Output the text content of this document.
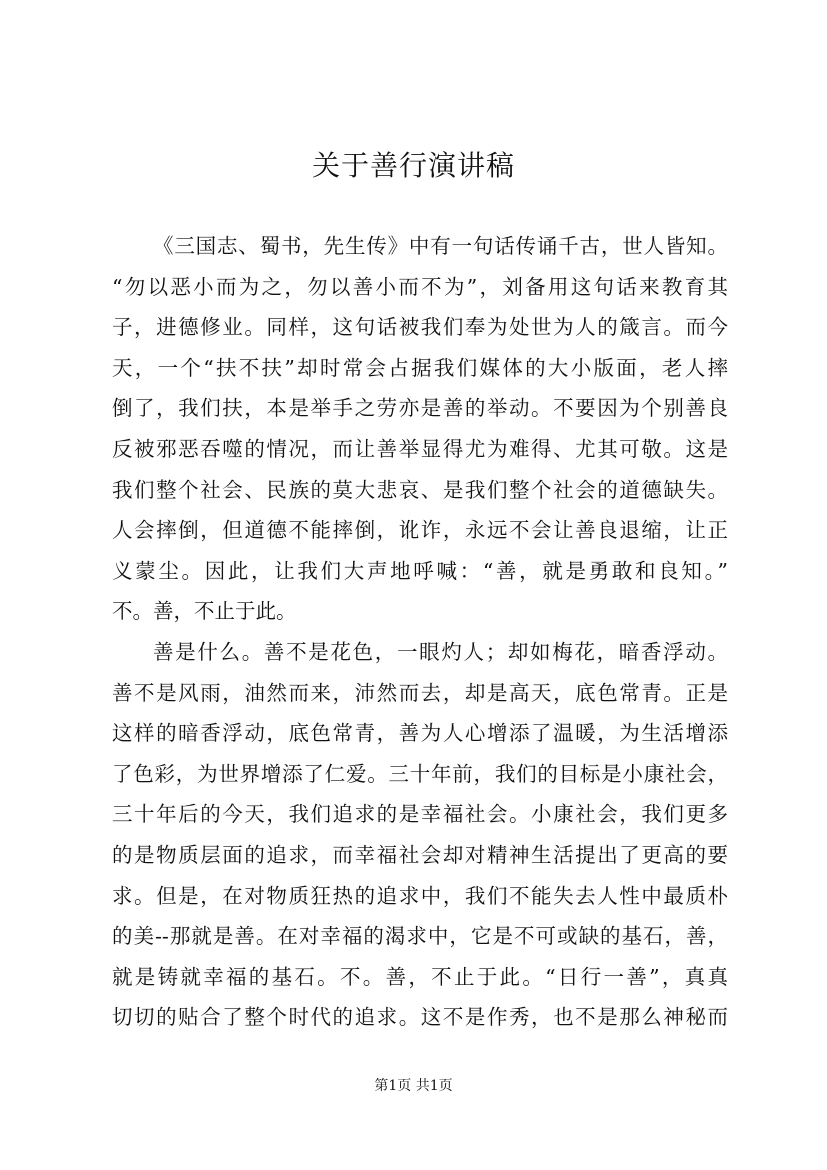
关于善行演讲稿
《三国志、蜀书，先生传》中有一句话传诵千古，世人皆知。
“勿以恶小而为之，勿以善小而不为”，刘备用这句话来教育其
子，进德修业。同样，这句话被我们奉为处世为人的箴言。而今
天，一个“扶不扶”却时常会占据我们媒体的大小版面，老人摔
倒了，我们扶，本是举手之劳亦是善的举动。不要因为个别善良
反被邪恶吞噬的情况，而让善举显得尤为难得、尤其可敬。这是
我们整个社会、民族的莫大悲哀、是我们整个社会的道德缺失。
人会摔倒，但道德不能摔倒，讹诈，永远不会让善良退缩，让正
义蒙尘。因此，让我们大声地呼喊：“善，就是勇敢和良知。”
不。善，不止于此。
善是什么。善不是花色，一眼灼人；却如梅花，暗香浮动。
善不是风雨，油然而来，沛然而去，却是高天，底色常青。正是
这样的暗香浮动，底色常青，善为人心增添了温暖，为生活增添
了色彩，为世界增添了仁爱。三十年前，我们的目标是小康社会，
三十年后的今天，我们追求的是幸福社会。小康社会，我们更多
的是物质层面的追求，而幸福社会却对精神生活提出了更高的要
求。但是，在对物质狂热的追求中，我们不能失去人性中最质朴
的美--那就是善。在对幸福的渴求中，它是不可或缺的基石，善，
就是铸就幸福的基石。不。善，不止于此。“日行一善”，真真
切切的贴合了整个时代的追求。这不是作秀，也不是那么神秘而
第1页 共1页
